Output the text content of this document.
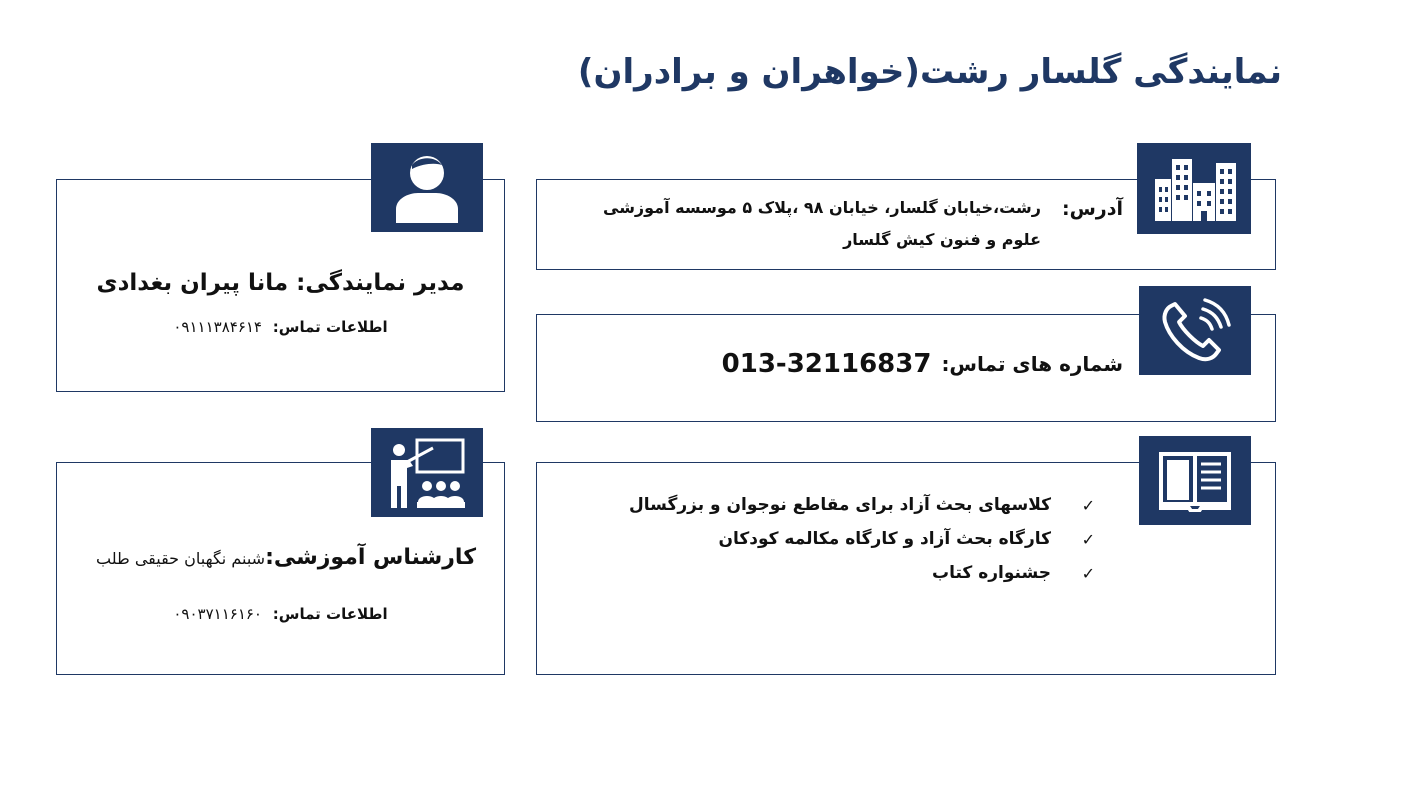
نمایندگی گلسار رشت(خواهران و برادران)
آدرس:
رشت،خیابان گلسار، خیابان ۹۸ ،پلاک ۵ موسسه آموزشی
علوم و فنون کیش گلسار
شماره های تماس:
013-32116837
✓
کلاسهای بحث آزاد برای مقاطع نوجوان و بزرگسال
✓
کارگاه بحث آزاد و کارگاه مکالمه کودکان
✓
جشنواره کتاب
مدیر نمایندگی: مانا پیران بغدادی
اطلاعات تماس: ۰۹۱۱۱۳۸۴۶۱۴
کارشناس آموزشی:
شبنم نگهبان حقیقی طلب
اطلاعات تماس: ۰۹۰۳۷۱۱۶۱۶۰
